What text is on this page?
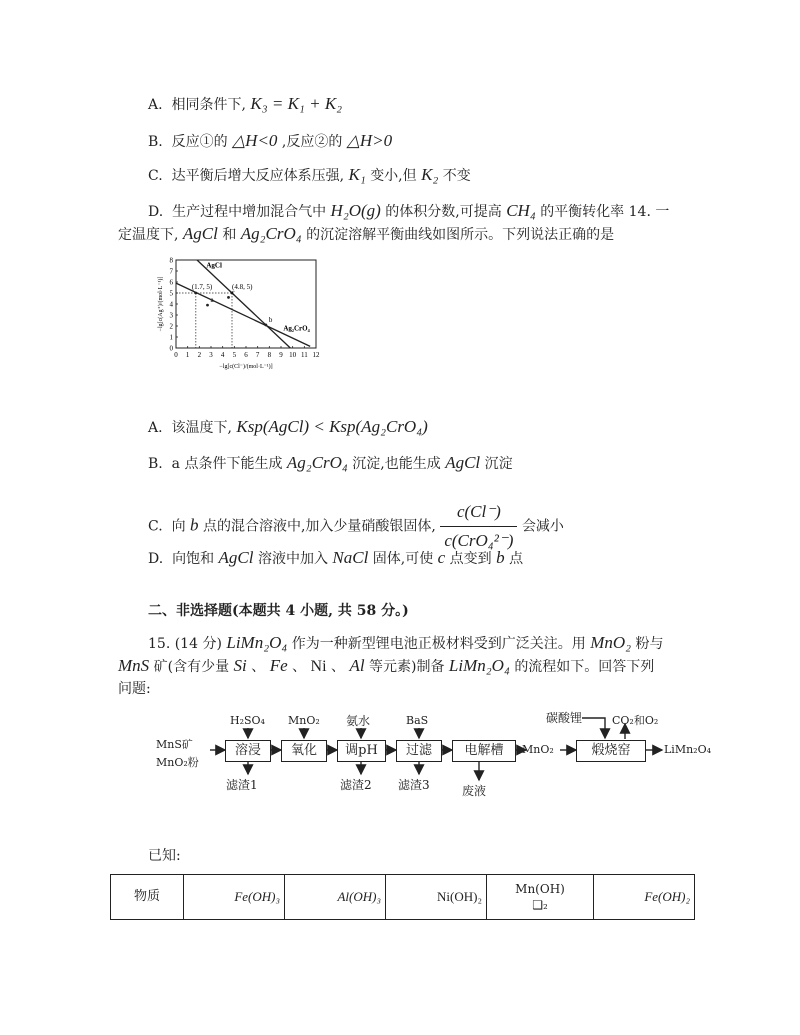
A. 相同条件下, K₃ = K₁ + K₂
B. 反应①的 △H<0 ,反应②的 △H>0
C. 达平衡后增大反应体系压强, K₁ 变小,但 K₂ 不变
D. 生产过程中增加混合气中 H₂O(g) 的体积分数,可提高 CH₄ 的平衡转化率 14. 一
定温度下, AgCl 和 Ag₂CrO₄ 的沉淀溶解平衡曲线如图所示。下列说法正确的是
0 1 2 3 4 5 6 7 8 9 10 11 12
0
1
2
3
4
5
6
7
8
−lg[c(Cl⁻)/(mol·L⁻¹)]
−lg[c(Ag⁺)/(mol·L⁻¹)]
AgCl
Ag₂CrO₄
(1.7, 5)	(4.8, 5)
a
b
c
A. 该温度下, Ksp(AgCl) < Ksp(Ag₂CrO₄)
B. a 点条件下能生成 Ag₂CrO₄ 沉淀,也能生成 AgCl 沉淀
C. 向 b 点的混合溶液中,加入少量硝酸银固体, $\frac{c(Cl^-)}{\text{c(CrO₄²⁻)}}$ 会减小
D. 向饱和 AgCl 溶液中加入 NaCl 固体,可使 c 点变到 b 点
二、非选择题(本题共 4 小题, 共 58 分。)
15. (14 分) LiMn₂O₄ 作为一种新型锂电池正极材料受到广泛关注。用 MnO₂ 粉与
MnS 矿(含有少量 Si 、 Fe 、 Ni 、 Al 等元素)制备 LiMn₂O₄ 的流程如下。回答下列
问题:
MnS矿
MnO₂粉
H₂SO₄ MnO₂ 氨水	BaS	碳酸锂	CO₂和O₂
溶浸	氧化	调pH	过滤	电解槽	煅烧窑
滤渣1	滤渣2 滤渣3	废液
MnO₂	LiMn₂O₄
已知:
物质	Fe(OH)₃	Al(OH)₃	Ni(OH)₂	Mn(OH)
❑₂
	Fe(OH)₂
